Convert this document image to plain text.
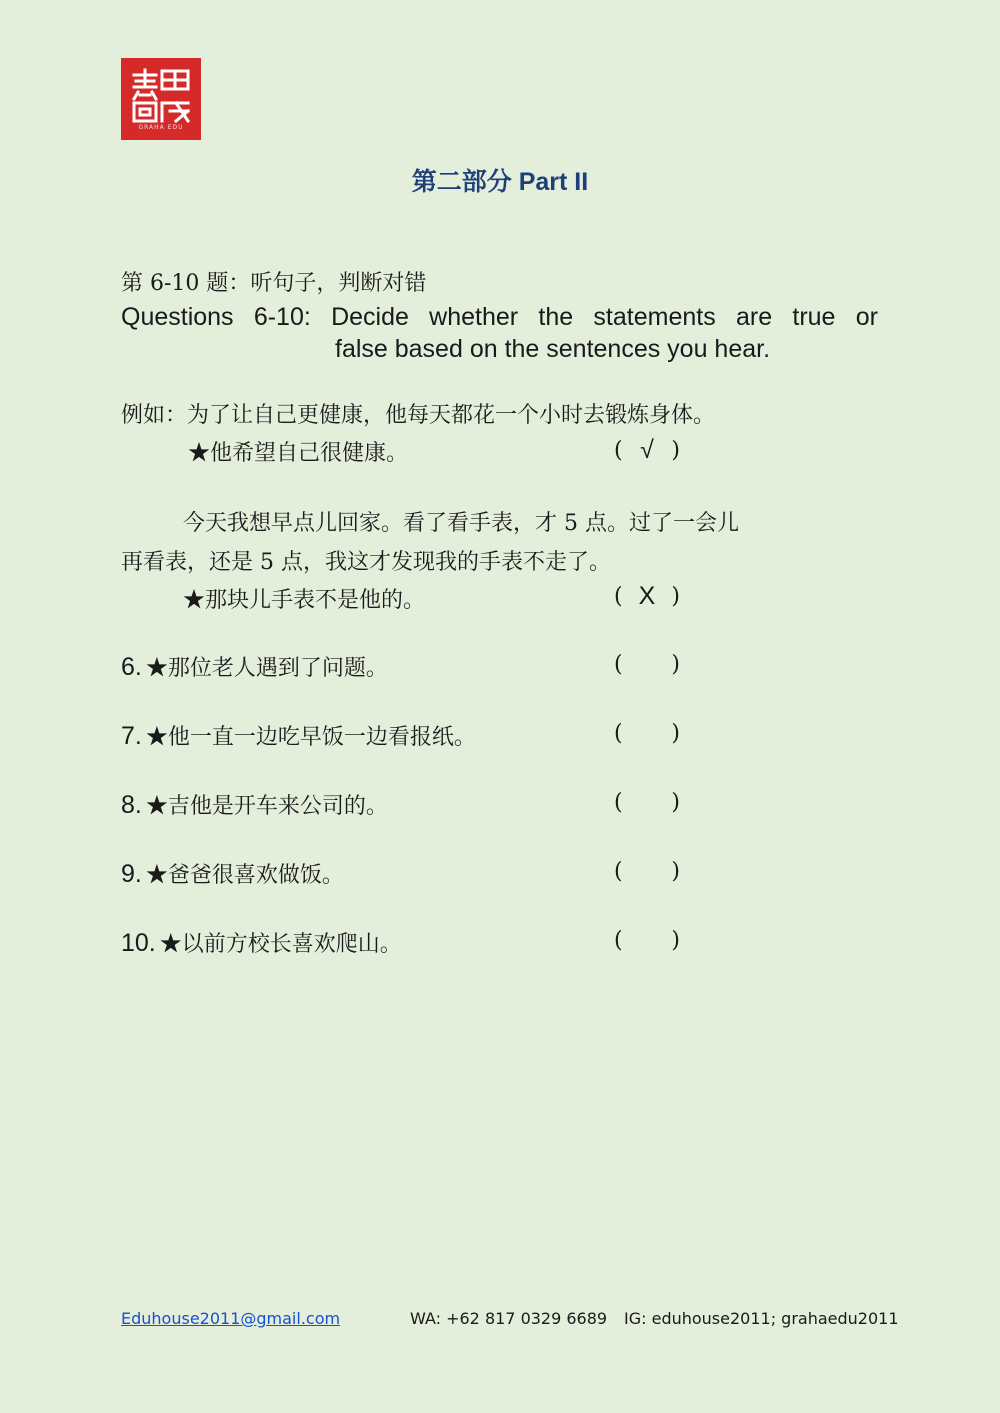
GRAHA EDU
第二部分 Part II
第 6-10 题：听句子，判断对错
Questions 6-10: Decide whether the statements are true or
false based on the sentences you hear.
例如：为了让自己更健康，他每天都花一个小时去锻炼身体。
★他希望自己很健康。	( √ )
今天我想早点儿回家。看了看手表，才 5 点。过了一会儿
再看表，还是 5 点，我这才发现我的手表不走了。
★那块儿手表不是他的。	( X )
6. ★那位老人遇到了问题。	( )
7. ★他一直一边吃早饭一边看报纸。	( )
8. ★吉他是开车来公司的。	( )
9. ★爸爸很喜欢做饭。	( )
10. ★以前方校长喜欢爬山。	( )
Eduhouse2011@gmail.com	WA: +62 817 0329 6689 IG: eduhouse2011; grahaedu2011
